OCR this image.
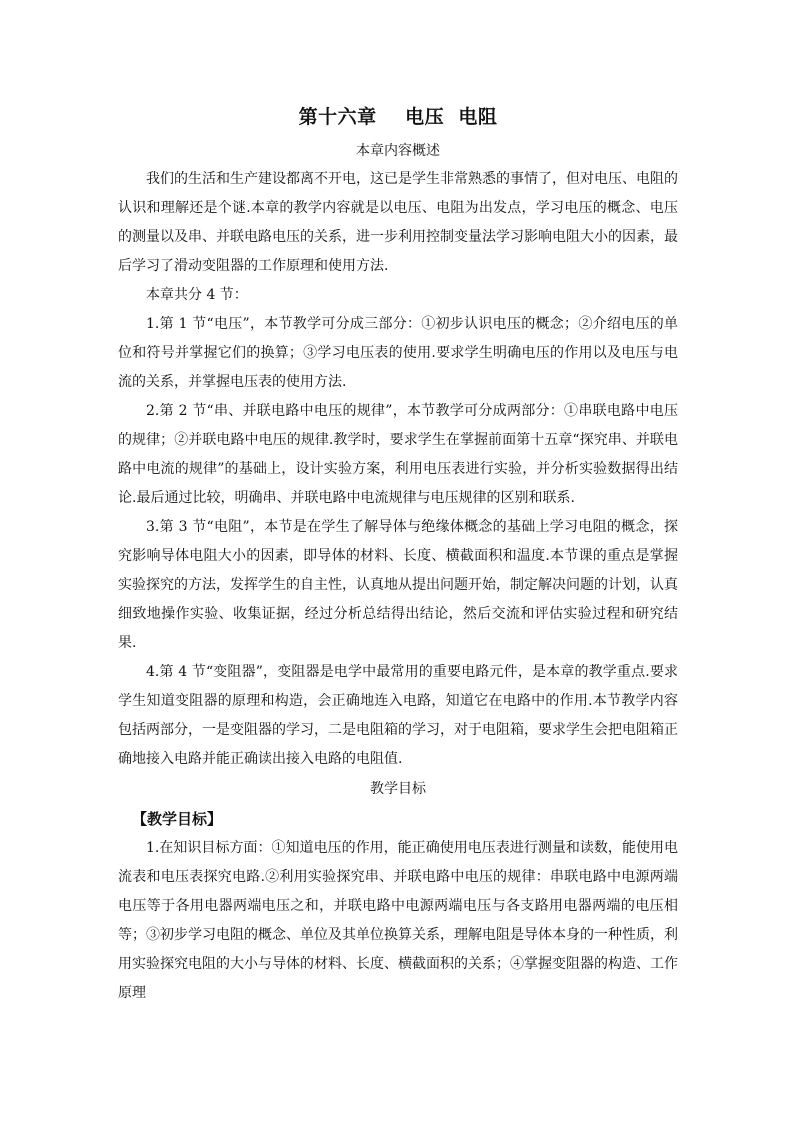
第十六章    电压  电阻

本章内容概述

我们的生活和生产建设都离不开电，这已是学生非常熟悉的事情了，但对电压、电阻的认识和理解还是个谜.本章的教学内容就是以电压、电阻为出发点，学习电压的概念、电压的测量以及串、并联电路电压的关系，进一步利用控制变量法学习影响电阻大小的因素，最后学习了滑动变阻器的工作原理和使用方法.

本章共分 4 节：

1.第 1 节“电压”，本节教学可分成三部分：①初步认识电压的概念；②介绍电压的单位和符号并掌握它们的换算；③学习电压表的使用.要求学生明确电压的作用以及电压与电流的关系，并掌握电压表的使用方法.

2.第 2 节“串、并联电路中电压的规律”，本节教学可分成两部分：①串联电路中电压的规律；②并联电路中电压的规律.教学时，要求学生在掌握前面第十五章“探究串、并联电路中电流的规律”的基础上，设计实验方案，利用电压表进行实验，并分析实验数据得出结论.最后通过比较，明确串、并联电路中电流规律与电压规律的区别和联系.

3.第 3 节“电阻”，本节是在学生了解导体与绝缘体概念的基础上学习电阻的概念，探究影响导体电阻大小的因素，即导体的材料、长度、横截面积和温度.本节课的重点是掌握实验探究的方法，发挥学生的自主性，认真地从提出问题开始，制定解决问题的计划，认真细致地操作实验、收集证据，经过分析总结得出结论，然后交流和评估实验过程和研究结果.

4.第 4 节“变阻器”，变阻器是电学中最常用的重要电路元件，是本章的教学重点.要求学生知道变阻器的原理和构造，会正确地连入电路，知道它在电路中的作用.本节教学内容包括两部分，一是变阻器的学习，二是电阻箱的学习，对于电阻箱，要求学生会把电阻箱正确地接入电路并能正确读出接入电路的电阻值.

教学目标

【教学目标】

1.在知识目标方面：①知道电压的作用，能正确使用电压表进行测量和读数，能使用电流表和电压表探究电路.②利用实验探究串、并联电路中电压的规律：串联电路中电源两端电压等于各用电器两端电压之和，并联电路中电源两端电压与各支路用电器两端的电压相等；③初步学习电阻的概念、单位及其单位换算关系，理解电阻是导体本身的一种性质，利用实验探究电阻的大小与导体的材料、长度、横截面积的关系；④掌握变阻器的构造、工作原理
